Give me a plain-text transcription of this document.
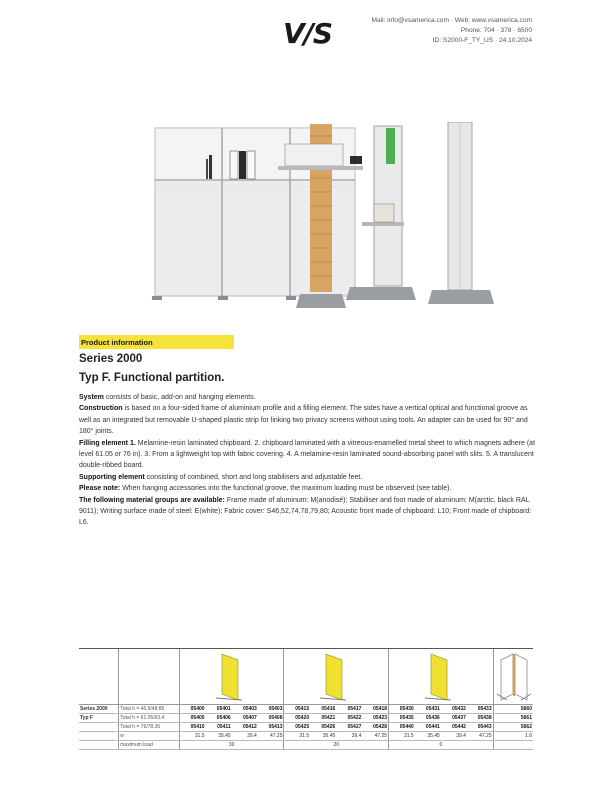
V/S	Mail: info@vsamerica.com · Web: www.vsamerica.com
Phone: 704 · 378 · 6500
ID: S2000-F_TY_US · 24.10.2024
Product information
Series 2000
Typ F. Functional partition.

System consists of basic, add-on and hanging elements.

Construction is based on a four-sided frame of aluminium profile and a filling element. The sides have a vertical optical and functional groove as well as an integrated but removable U-shaped plastic strip for linking two privacy screens without using tools. An adapter can be used for 90° and 180° joints.

Filling element 1. Melamine-resin laminated chipboard. 2. chipboard laminated with a vitreous-enamelled metal sheet to which magnets adhere (at level 61.05 or 76 in). 3. From a lightweight top with fabric covering. 4. A melamine-resin laminated sound-absorbing panel with slits. 5. A translucent double-ribbed board.

Supporting element consisting of combined, short and long stabilisers and adjustable feet.

Please note: When hanging accessories into the functional groove, the maximum loading must be observed (see table).

The following material groups are available: Frame made of aluminum: M(anodisé); Stabiliser and foot made of aluminum: M(arctic, black RAL 9011); Writing surface made of steel: E(white); Fabric cover: S46,52,74,78,79,80; Acoustic front made of chipboard: L10; Front made of chipboard: L6.

Series 2000	Total h = 46.5/48.85	05400	05401	05403	05403	05415	05416	05417	05418	05430	05431	05432	05433		5660
Typ F	Total h = 61.05/63.4	05405	05406	05407	05408	05420	05421	05422	05423	05435	05436	05437	05438		5661
	Total h = 76/78.35	05410	05411	05412	05413	05425	05426	05427	05428	05440	05441	05442	05443		5662
	w	31.5	35.45	39.4	47.25	31.5	35.45	39.4	47.25	31.5	35.45	39.4	47.25		1.6
	maximum load	30				20				0					
